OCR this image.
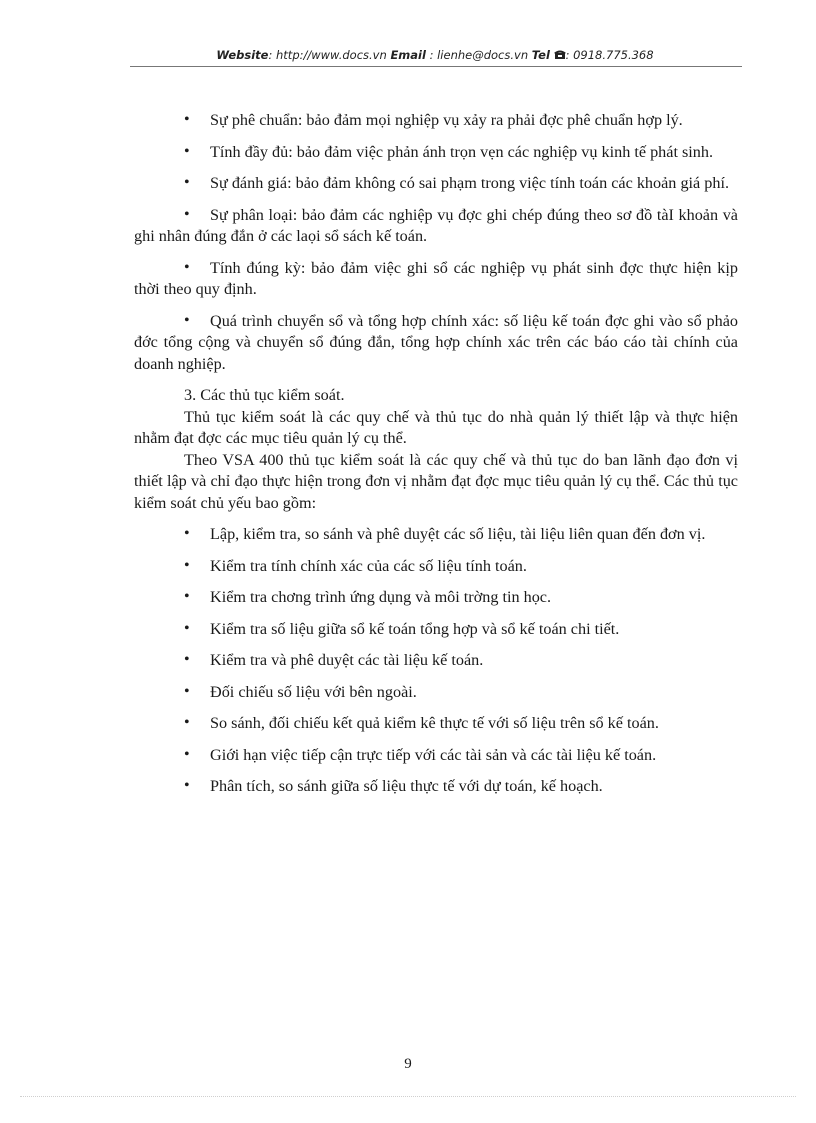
Website: http://www.docs.vn Email : lienhe@docs.vn Tel : 0918.775.368

•	Sự phê chuẩn: bảo đảm mọi nghiệp vụ xảy ra phải đợc phê chuẩn hợp lý.

•	Tính đầy đủ: bảo đảm việc phản ánh trọn vẹn các nghiệp vụ kinh tế phát sinh.

•	Sự đánh giá: bảo đảm không có sai phạm trong việc tính toán các khoản giá phí.

•	Sự phân loại: bảo đảm các nghiệp vụ đợc ghi chép đúng theo sơ đồ tàI khoản và ghi nhân đúng đắn ở các laọi sổ sách kế toán.

•	Tính đúng kỳ: bảo đảm việc ghi sổ các nghiệp vụ phát sinh đợc thực hiện kịp thời theo quy định.

•	Quá trình chuyển sổ và tổng hợp chính xác: số liệu kế toán đợc ghi vào sổ phảo đớc tổng cộng và chuyển sổ đúng đắn, tổng hợp chính xác trên các báo cáo tài chính của doanh nghiệp.

3. Các thủ tục kiểm soát.

Thủ tục kiểm soát là các quy chế và thủ tục do nhà quản lý thiết lập và thực hiện nhằm đạt đợc các mục tiêu quản lý cụ thể.

Theo VSA 400 thủ tục kiểm soát là các quy chế và thủ tục do ban lãnh đạo đơn vị thiết lập và chỉ đạo thực hiện trong đơn vị nhằm đạt đợc mục tiêu quản lý cụ thể. Các thủ tục kiểm soát chủ yếu bao gồm:

•	Lập, kiểm tra, so sánh và phê duyệt các số liệu, tài liệu liên quan đến đơn vị.

•	Kiểm tra tính chính xác của các số liệu tính toán.

•	Kiểm tra chơng trình ứng dụng và môi trờng tin học.

•	Kiểm tra số liệu giữa sổ kế toán tổng hợp và sổ kế toán chi tiết.

•	Kiểm tra và phê duyệt các tài liệu kế toán.

•	Đối chiếu số liệu với bên ngoài.

•	So sánh, đối chiếu kết quả kiểm kê thực tế với số liệu trên sổ kế toán.

•	Giới hạn việc tiếp cận trực tiếp với các tài sản và các tài liệu kế toán.

•	Phân tích, so sánh giữa số liệu thực tế với dự toán, kế hoạch.

9
